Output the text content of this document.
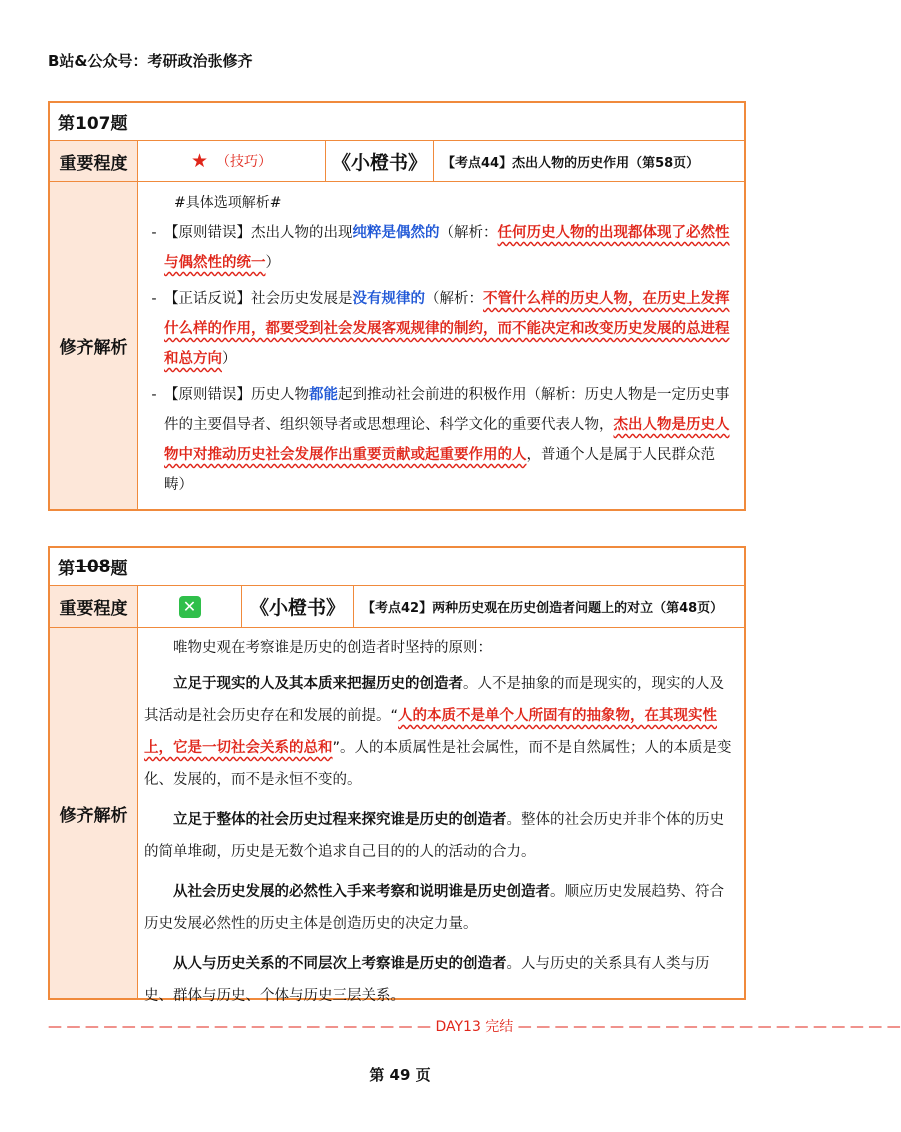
B站&公众号：考研政治张修齐
第107题
重要程度	★ （技巧）	《小橙书》	【考点44】杰出人物的历史作用（第58页）
修齐解析
#具体选项解析#
- 【原则错误】杰出人物的出现纯粹是偶然的（解析：任何历史人物的出现都体现了必然性与偶然性的统一）
- 【正话反说】社会历史发展是没有规律的（解析：不管什么样的历史人物，在历史上发挥什么样的作用，都要受到社会发展客观规律的制约，而不能决定和改变历史发展的总进程和总方向）
- 【原则错误】历史人物都能起到推动社会前进的积极作用（解析：历史人物是一定历史事件的主要倡导者、组织领导者或思想理论、科学文化的重要代表人物，杰出人物是历史人物中对推动历史社会发展作出重要贡献或起重要作用的人，普通个人是属于人民群众范畴）
第 108 题
重要程度	✕	《小橙书》	【考点42】两种历史观在历史创造者问题上的对立（第48页）
修齐解析

唯物史观在考察谁是历史的创造者时坚持的原则：

立足于现实的人及其本质来把握历史的创造者。人不是抽象的而是现实的，现实的人及其活动是社会历史存在和发展的前提。“人的本质不是单个人所固有的抽象物，在其现实性上，它是一切社会关系的总和”。人的本质属性是社会属性，而不是自然属性；人的本质是变化、发展的，而不是永恒不变的。

立足于整体的社会历史过程来探究谁是历史的创造者。整体的社会历史并非个体的历史的简单堆砌，历史是无数个追求自己目的的人的活动的合力。

从社会历史发展的必然性入手来考察和说明谁是历史创造者。顺应历史发展趋势、符合历史发展必然性的历史主体是创造历史的决定力量。

从人与历史关系的不同层次上考察谁是历史的创造者。人与历史的关系具有人类与历史、群体与历史、个体与历史三层关系。

— — — — — — — — — — — — — — — — — — — — — DAY13 完结 — — — — — — — — — — — — — — — — — — — — —
第 49 页
